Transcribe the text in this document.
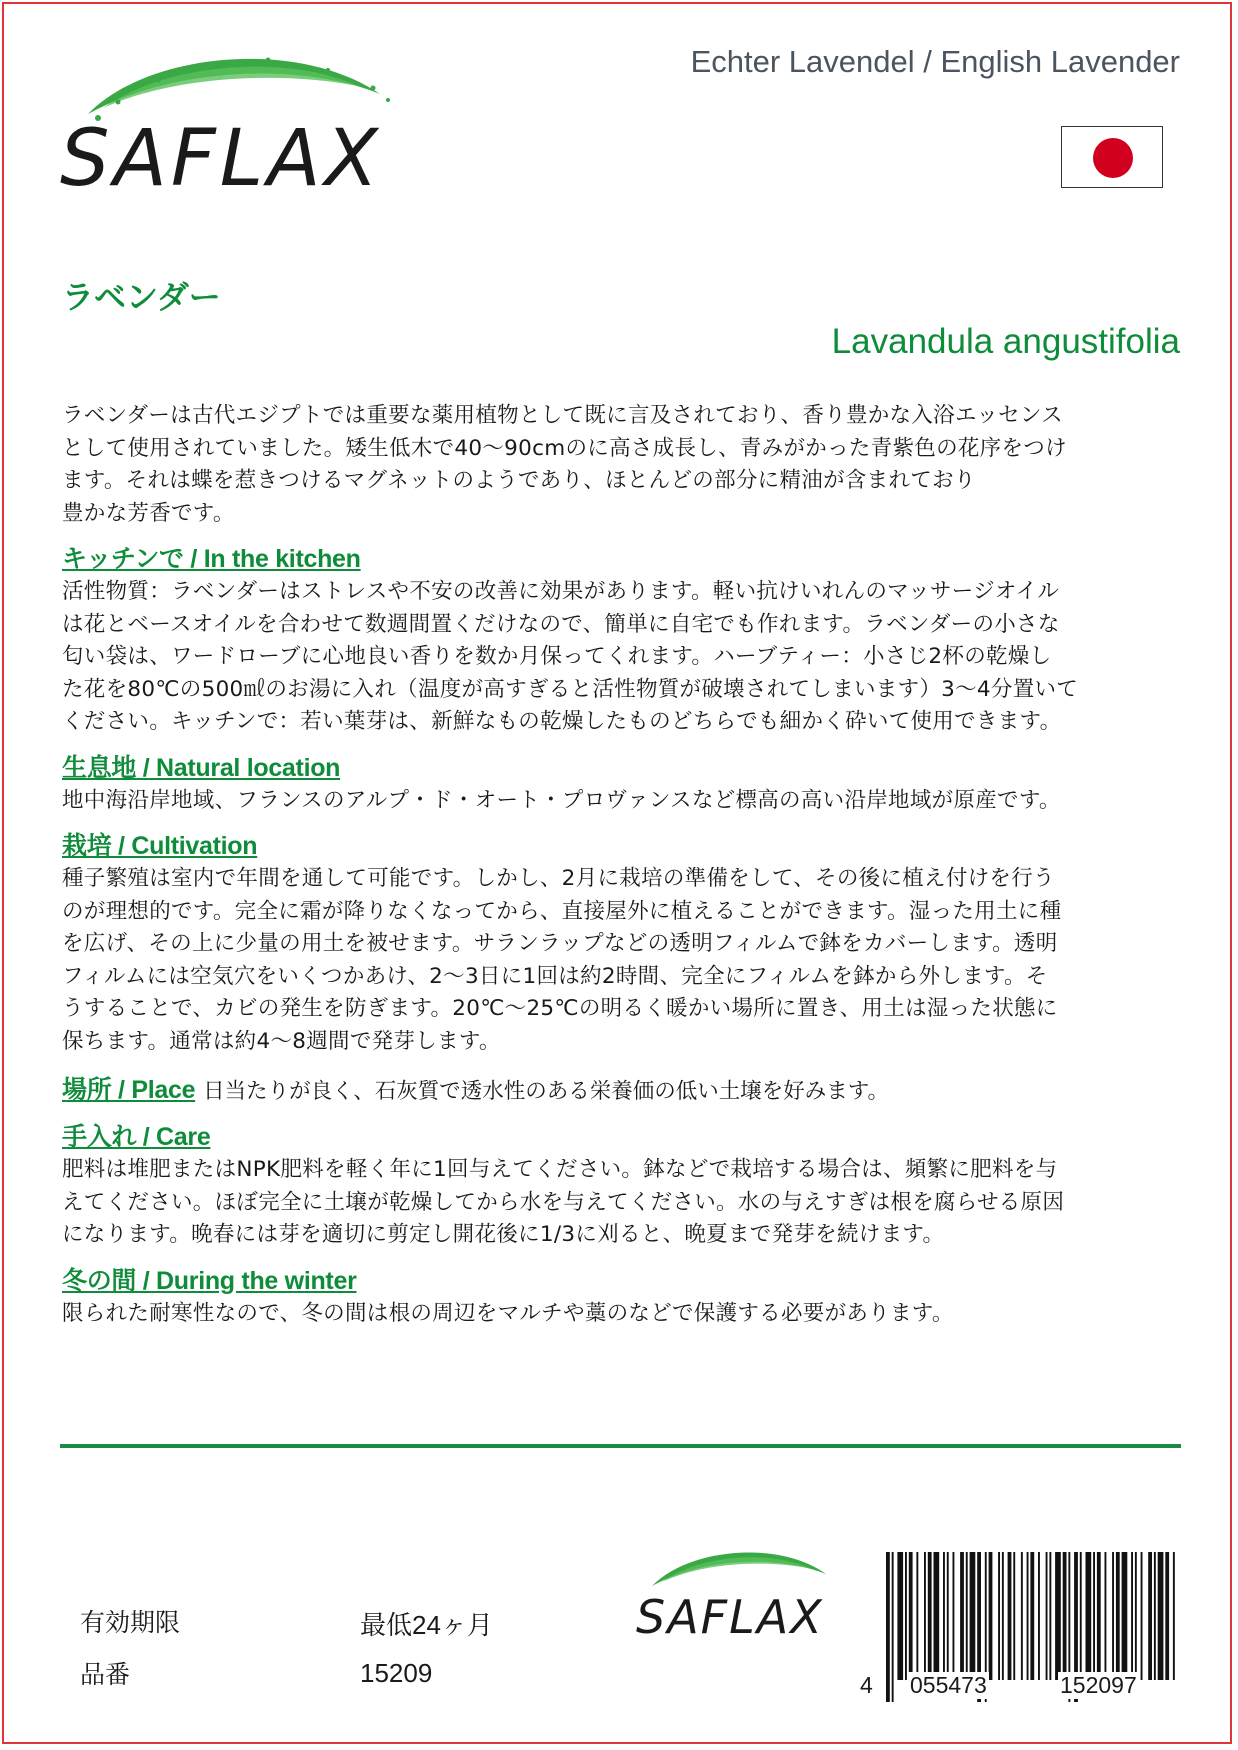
SAFLAX
Echter Lavendel / English Lavender
ラベンダー
Lavandula angustifolia

ラベンダーは古代エジプトでは重要な薬用植物として既に言及されており、香り豊かな入浴エッセンス
として使用されていました。矮生低木で40〜90cmのに高さ成長し、青みがかった青紫色の花序をつけ
ます。それは蝶を惹きつけるマグネットのようであり、ほとんどの部分に精油が含まれており
豊かな芳香です。

キッチンで / In the kitchen

活性物質：ラベンダーはストレスや不安の改善に効果があります。軽い抗けいれんのマッサージオイル
は花とベースオイルを合わせて数週間置くだけなので、簡単に自宅でも作れます。ラベンダーの小さな
匂い袋は、ワードローブに心地良い香りを数か月保ってくれます。ハーブティー：小さじ2杯の乾燥し
た花を80℃の500㎖のお湯に入れ（温度が高すぎると活性物質が破壊されてしまいます）3～4分置いて
ください。キッチンで：若い葉芽は、新鮮なもの乾燥したものどちらでも細かく砕いて使用できます。

生息地 / Natural location

地中海沿岸地域、フランスのアルプ・ド・オート・プロヴァンスなど標高の高い沿岸地域が原産です。

栽培 / Cultivation

種子繁殖は室内で年間を通して可能です。しかし、2月に栽培の準備をして、その後に植え付けを行う
のが理想的です。完全に霜が降りなくなってから、直接屋外に植えることができます。湿った用土に種
を広げ、その上に少量の用土を被せます。サランラップなどの透明フィルムで鉢をカバーします。透明
フィルムには空気穴をいくつかあけ、2～3日に1回は約2時間、完全にフィルムを鉢から外します。そ
うすることで、カビの発生を防ぎます。20℃〜25℃の明るく暖かい場所に置き、用土は湿った状態に
保ちます。通常は約4～8週間で発芽します。

場所 / Place 日当たりが良く、石灰質で透水性のある栄養価の低い土壌を好みます。
手入れ / Care

肥料は堆肥またはNPK肥料を軽く年に1回与えてください。鉢などで栽培する場合は、頻繁に肥料を与
えてください。ほぼ完全に土壌が乾燥してから水を与えてください。水の与えすぎは根を腐らせる原因
になります。晩春には芽を適切に剪定し開花後に1/3に刈ると、晩夏まで発芽を続けます。

冬の間 / During the winter

限られた耐寒性なので、冬の間は根の周辺をマルチや藁のなどで保護する必要があります。

有効期限	最低24ヶ月
品番	15209
SAFLAX
4 055473	152097
